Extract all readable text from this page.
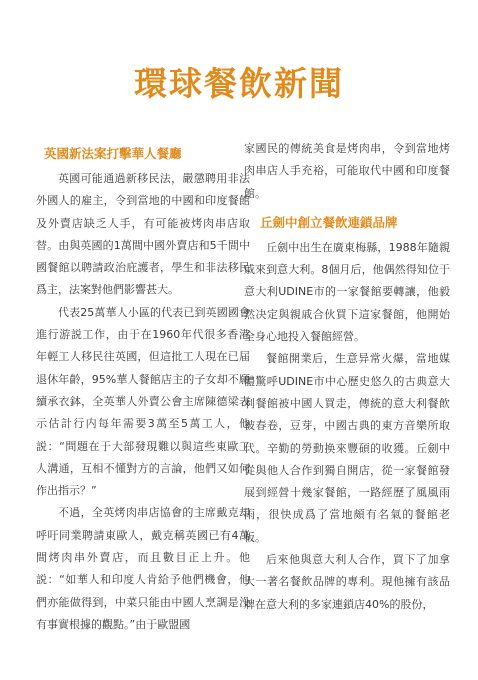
環球餐飲新聞
英國新法案打擊華人餐廳

英國可能通過新移民法，嚴懲聘用非法外國人的雇主，令到當地的中國和印度餐館及外賣店缺乏人手，有可能被烤肉串店取替。由與英國的1萬間中國外賣店和5千間中國餐館以聘請政治庇護者，學生和非法移民爲主，法案對他們影響甚大。

代表25萬華人小區的代表已到英國國會進行游説工作，由于在1960年代很多香港年輕工人移民往英國，但這批工人現在已届退休年齡，95%華人餐館店主的子女却不願續承衣鉢，全英華人外賣公會主席陳德梁表示估計行内每年需要3萬至5萬工人，他説：“問題在于大部發現難以與這些東歐工人溝通，互相不懂對方的言論，他們又如何作出指示？”

不過，全英烤肉串店協會的主席戴克却呼吁同業聘請東歐人，戴克稱英國已有4萬間烤肉串外賣店，而且數目正上升。他説：“如華人和印度人肯給予他們機會，他們亦能做得到，中菜只能由中國人烹調是没有事實根據的觀點。”由于歐盟國

家國民的傳統美食是烤肉串，令到當地烤肉串店人手充裕，可能取代中國和印度餐館。

丘劍中創立餐飲連鎖品牌

丘劍中出生在廣東梅縣，1988年隨親戚來到意大利。8個月后，他偶然得知位于意大利UDINE市的一家餐館要轉讓，他毅然决定與親戚合伙買下這家餐館，他開始全身心地投入餐館經營。

餐館開業后，生意异常火爆，當地媒體驚呼UDINE市中心歷史悠久的古典意大利餐館被中國人買走，傳統的意大利餐飲被春卷，豆芽，中國古典的東方音樂所取代。辛勤的勞動换來豐碩的收獲。丘劍中從與他人合作到獨自開店，從一家餐館發展到經營十幾家餐館，一路經歷了風風雨雨，很快成爲了當地頗有名氣的餐館老板。

后來他與意大利人合作，買下了加拿大一著名餐飲品牌的專利。現他擁有該品牌在意大利的多家連鎖店40%的股份，
